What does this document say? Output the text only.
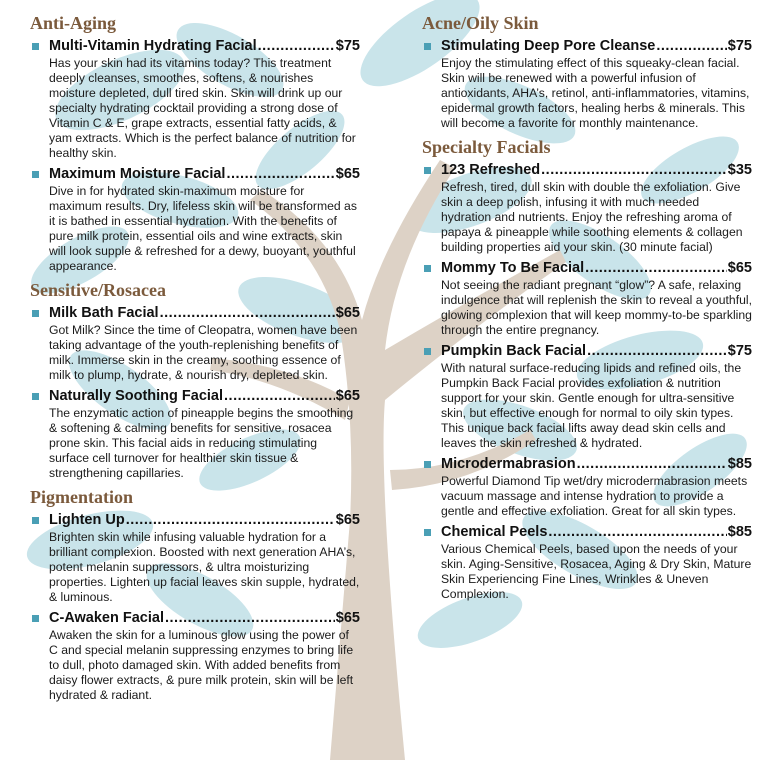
Anti-Aging
Multi-Vitamin Hydrating Facial .....	$75
Has your skin had its vitamins today? This treatment deeply cleanses, smoothes, softens, & nourishes moisture depleted, dull tired skin. Skin will drink up our specialty hydrating cocktail providing a strong dose of Vitamin C & E, grape extracts, essential fatty acids, & yam extracts. Which is the perfect balance of nutrition for healthy skin.
Maximum Moisture Facial .....	$65
Dive in for hydrated skin-maximum moisture for maximum results. Dry, lifeless skin will be transformed as it is bathed in essential hydration. With the benefits of pure milk protein, essential oils and wine extracts, skin will look supple & refreshed for a dewy, buoyant, youthful appearance.
Sensitive/Rosacea
Milk Bath Facial .....	$65
Got Milk? Since the time of Cleopatra, women have been taking advantage of the youth-replenishing benefits of milk. Immerse skin in the creamy, soothing essence of milk to plump, hydrate, & nourish dry, depleted skin.
Naturally Soothing Facial .....	$65
The enzymatic action of pineapple begins the smoothing & softening & calming benefits for sensitive, rosacea prone skin. This facial aids in reducing stimulating surface cell turnover for healthier skin tissue & strengthening capillaries.
Pigmentation
Lighten Up .....	$65
Brighten skin while infusing valuable hydration for a brilliant complexion. Boosted with next generation AHA’s, potent melanin suppressors, & ultra moisturizing properties. Lighten up facial leaves skin supple, hydrated, & luminous.
C-Awaken Facial .....	$65
Awaken the skin for a luminous glow using the power of C and special melanin suppressing enzymes to bring life to dull, photo damaged skin. With added benefits from daisy flower extracts, & pure milk protein, skin will be left hydrated & radiant.
Acne/Oily Skin
Stimulating Deep Pore Cleanse .....	$75
Enjoy the stimulating effect of this squeaky-clean facial. Skin will be renewed with a powerful infusion of antioxidants, AHA’s, retinol, anti-inflammatories, vitamins, epidermal growth factors, healing herbs & minerals. This will become a favorite for monthly maintenance.
Specialty Facials
123 Refreshed .....	$35
Refresh, tired, dull skin with double the exfoliation. Give skin a deep polish, infusing it with much needed hydration and nutrients. Enjoy the refreshing aroma of papaya & pineapple while soothing elements & collagen building properties aid your skin. (30 minute facial)
Mommy To Be Facial .....	$65
Not seeing the radiant pregnant “glow”? A safe, relaxing indulgence that will replenish the skin to reveal a youthful, glowing complexion that will keep mommy-to-be sparkling through the entire pregnancy.
Pumpkin Back Facial .....	$75
With natural surface-reducing lipids and refined oils, the Pumpkin Back Facial provides exfoliation & nutrition support for your skin. Gentle enough for ultra-sensitive skin, but effective enough for normal to oily skin types. This unique back facial lifts away dead skin cells and leaves the skin refreshed & hydrated.
Microdermabrasion .....	$85
Powerful Diamond Tip wet/dry microdermabrasion meets vacuum massage and intense hydration to provide a gentle and effective exfoliation. Great for all skin types.
Chemical Peels .....	$85
Various Chemical Peels, based upon the needs of your skin. Aging-Sensitive, Rosacea, Aging & Dry Skin, Mature Skin Experiencing Fine Lines, Wrinkles & Uneven Complexion.
